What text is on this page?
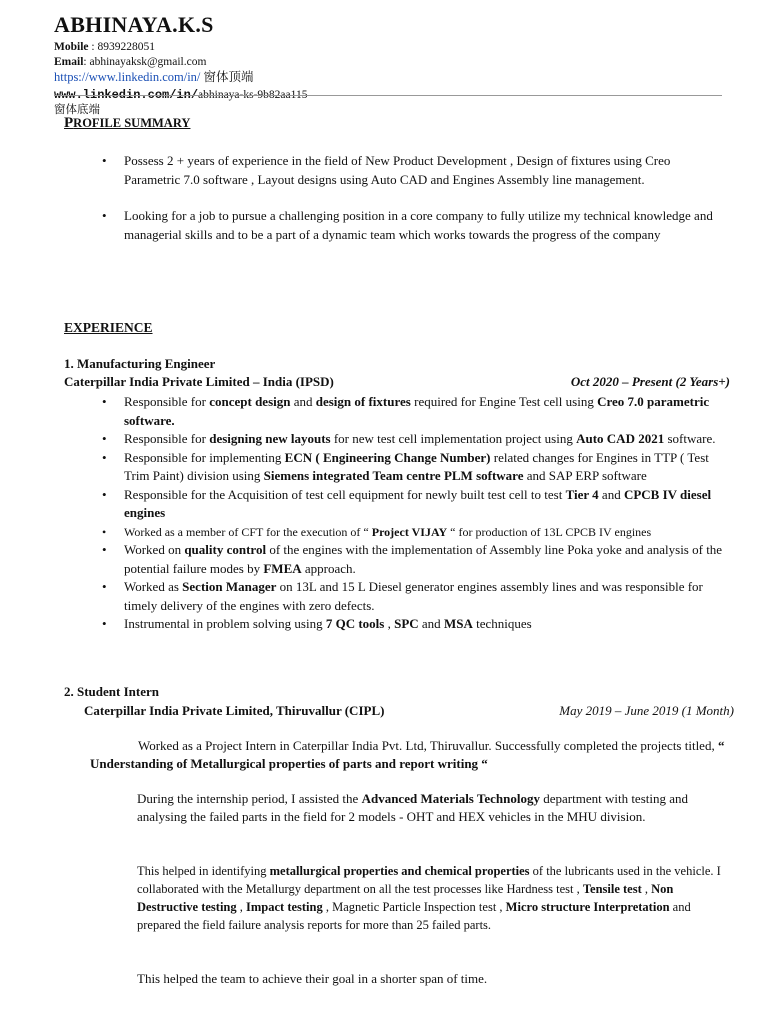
ABHINAYA.K.S
Mobile : 8939228051
Email: abhinayaksk@gmail.com
https://www.linkedin.com/in/ 窗体顶端
www.linkedin.com/in/abhinaya-ks-9b82aa115
窗体底端
PROFILE SUMMARY
• Possess 2 + years of experience in the field of New Product Development , Design of fixtures using Creo Parametric 7.0 software , Layout designs using Auto CAD and Engines Assembly line management.
• Looking for a job to pursue a challenging position in a core company to fully utilize my technical knowledge and managerial skills and to be a part of a dynamic team which works towards the progress of the company
EXPERIENCE
1. Manufacturing Engineer
Caterpillar India Private Limited – India (IPSD)	Oct 2020 – Present (2 Years+)
• Responsible for concept design and design of fixtures required for Engine Test cell using Creo 7.0 parametric software.
• Responsible for designing new layouts for new test cell implementation project using Auto CAD 2021 software.
• Responsible for implementing ECN ( Engineering Change Number) related changes for Engines in TTP ( Test Trim Paint) division using Siemens integrated Team centre PLM software and SAP ERP software
• Responsible for the Acquisition of test cell equipment for newly built test cell to test Tier 4 and CPCB IV diesel engines
• Worked as a member of CFT for the execution of “ Project VIJAY “ for production of 13L CPCB IV engines
• Worked on quality control of the engines with the implementation of Assembly line Poka yoke and analysis of the potential failure modes by FMEA approach.
• Worked as Section Manager on 13L and 15 L Diesel generator engines assembly lines and was responsible for timely delivery of the engines with zero defects.
• Instrumental in problem solving using 7 QC tools , SPC and MSA techniques
2. Student Intern
Caterpillar India Private Limited, Thiruvallur (CIPL)	May 2019 – June 2019 (1 Month)
Worked as a Project Intern in Caterpillar India Pvt. Ltd, Thiruvallur. Successfully completed the projects titled, “ Understanding of Metallurgical properties of parts and report writing “
During the internship period, I assisted the Advanced Materials Technology department with testing and analysing the failed parts in the field for 2 models - OHT and HEX vehicles in the MHU division.
This helped in identifying metallurgical properties and chemical properties of the lubricants used in the vehicle. I collaborated with the Metallurgy department on all the test processes like Hardness test , Tensile test , Non Destructive testing , Impact testing , Magnetic Particle Inspection test , Micro structure Interpretation and prepared the field failure analysis reports for more than 25 failed parts.
This helped the team to achieve their goal in a shorter span of time.
